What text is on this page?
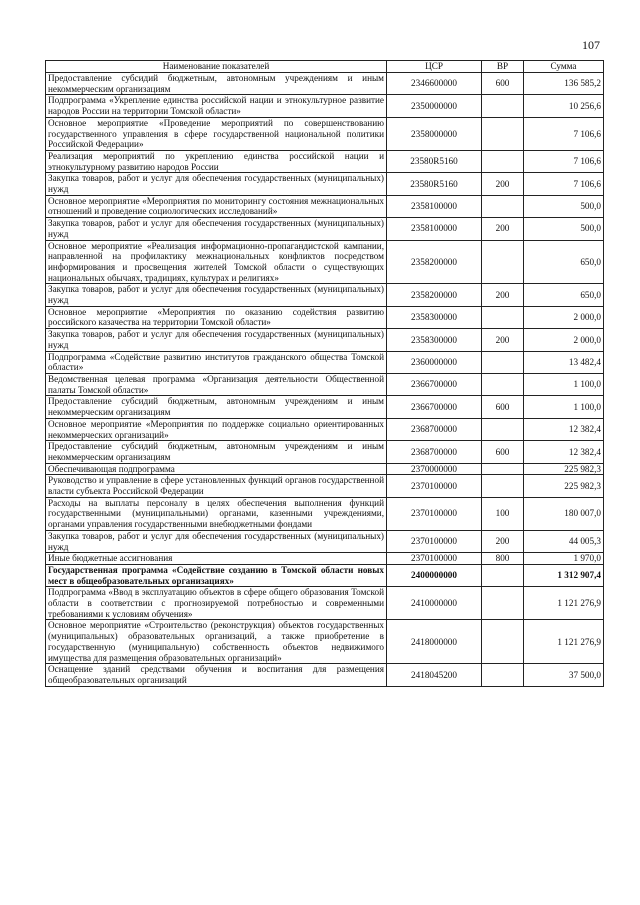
107
Наименование показателей	ЦСР	ВР	Сумма
Предоставление субсидий бюджетным, автономным учреждениям и иным некоммерческим организациям	2346600000	600	136 585,2
Подпрограмма «Укрепление единства российской нации и этнокультурное развитие народов России на территории Томской области»	2350000000		10 256,6
Основное мероприятие «Проведение мероприятий по совершенствованию государственного управления в сфере государственной национальной политики Российской Федерации»	2358000000		7 106,6
Реализация мероприятий по укреплению единства российской нации и этнокультурному развитию народов России	23580R5160		7 106,6
Закупка товаров, работ и услуг для обеспечения государственных (муниципальных) нужд	23580R5160	200	7 106,6
Основное мероприятие «Мероприятия по мониторингу состояния межнациональных отношений и проведение социологических исследований»	2358100000		500,0
Закупка товаров, работ и услуг для обеспечения государственных (муниципальных) нужд	2358100000	200	500,0
Основное мероприятие «Реализация информационно-пропагандистской кампании, направленной на профилактику межнациональных конфликтов посредством информирования и просвещения жителей Томской области о существующих национальных обычаях, традициях, культурах и религиях»	2358200000		650,0
Закупка товаров, работ и услуг для обеспечения государственных (муниципальных) нужд	2358200000	200	650,0
Основное мероприятие «Мероприятия по оказанию содействия развитию российского казачества на территории Томской области»	2358300000		2 000,0
Закупка товаров, работ и услуг для обеспечения государственных (муниципальных) нужд	2358300000	200	2 000,0
Подпрограмма «Содействие развитию институтов гражданского общества Томской области»	2360000000		13 482,4
Ведомственная целевая программа «Организация деятельности Общественной палаты Томской области»	2366700000		1 100,0
Предоставление субсидий бюджетным, автономным учреждениям и иным некоммерческим организациям	2366700000	600	1 100,0
Основное мероприятие «Мероприятия по поддержке социально ориентированных некоммерческих организаций»	2368700000		12 382,4
Предоставление субсидий бюджетным, автономным учреждениям и иным некоммерческим организациям	2368700000	600	12 382,4
Обеспечивающая подпрограмма	2370000000		225 982,3
Руководство и управление в сфере установленных функций органов государственной власти субъекта Российской Федерации	2370100000		225 982,3
Расходы на выплаты персоналу в целях обеспечения выполнения функций государственными (муниципальными) органами, казенными учреждениями, органами управления государственными внебюджетными фондами	2370100000	100	180 007,0
Закупка товаров, работ и услуг для обеспечения государственных (муниципальных) нужд	2370100000	200	44 005,3
Иные бюджетные ассигнования	2370100000	800	1 970,0
Государственная программа «Содействие созданию в Томской области новых мест в общеобразовательных организациях»	2400000000		1 312 907,4
Подпрограмма «Ввод в эксплуатацию объектов в сфере общего образования Томской области в соответствии с прогнозируемой потребностью и современными требованиями к условиям обучения»	2410000000		1 121 276,9
Основное мероприятие «Строительство (реконструкция) объектов государственных (муниципальных) образовательных организаций, а также приобретение в государственную (муниципальную) собственность объектов недвижимого имущества для размещения образовательных организаций»	2418000000		1 121 276,9
Оснащение зданий средствами обучения и воспитания для размещения общеобразовательных организаций	2418045200		37 500,0
